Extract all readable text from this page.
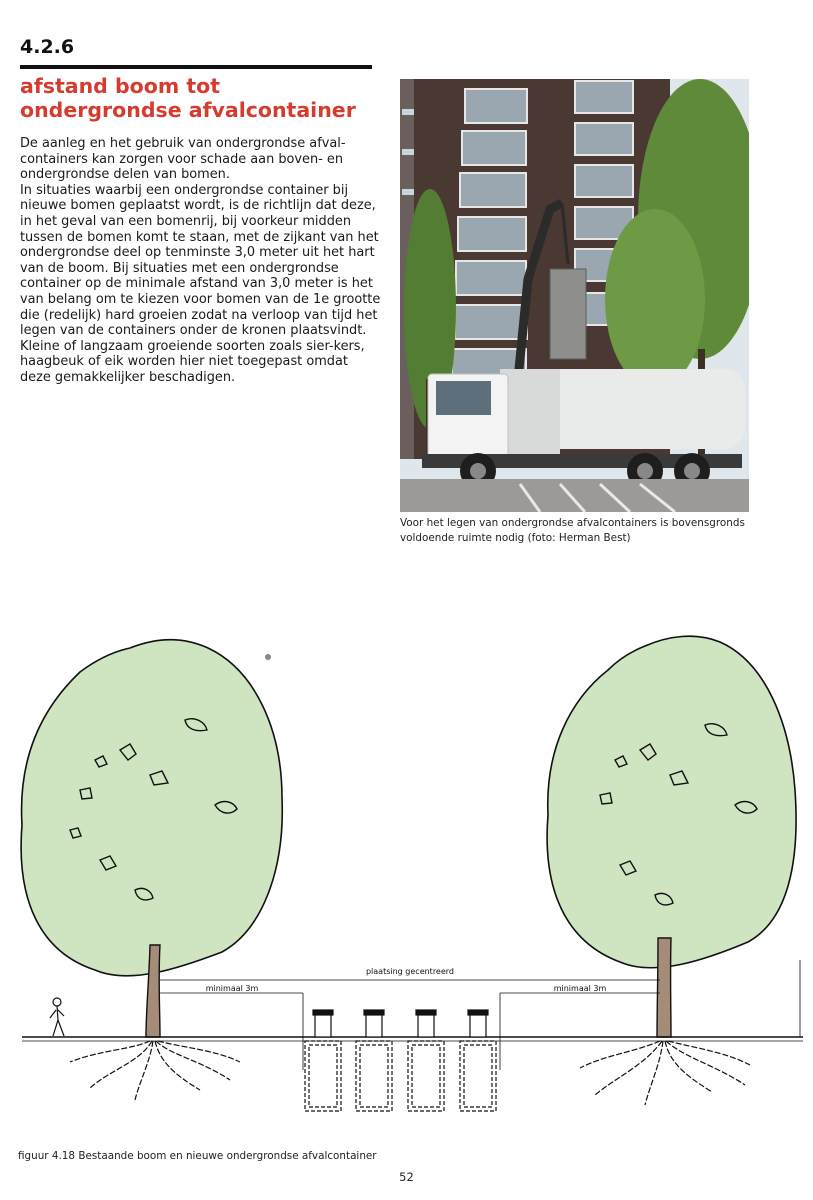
4.2.6
afstand boom tot ondergrondse afvalcontainer

De aanleg en het gebruik van ondergrondse afval-containers kan zorgen voor schade aan boven- en ondergrondse delen van bomen.

In situaties waarbij een ondergrondse container bij nieuwe bomen geplaatst wordt, is de richtlijn dat deze, in het geval van een bomenrij, bij voorkeur midden tussen de bomen komt te staan, met de zijkant van het ondergrondse deel op tenminste 3,0 meter uit het hart van de boom. Bij situaties met een ondergrondse container op de minimale afstand van 3,0 meter is het van belang om te kiezen voor bomen van de 1e grootte die (redelijk) hard groeien zodat na verloop van tijd het legen van de containers onder de kronen plaatsvindt. Kleine of langzaam groeiende soorten zoals sier-kers, haagbeuk of eik worden hier niet toegepast omdat deze gemakkelijker beschadigen.

Voor het legen van ondergrondse afvalcontainers is bovensgronds voldoende ruimte nodig (foto: Herman Best)
plaatsing gecentreerd
minimaal 3m	minimaal 3m
figuur 4.18 Bestaande boom en nieuwe ondergrondse afvalcontainer
52
